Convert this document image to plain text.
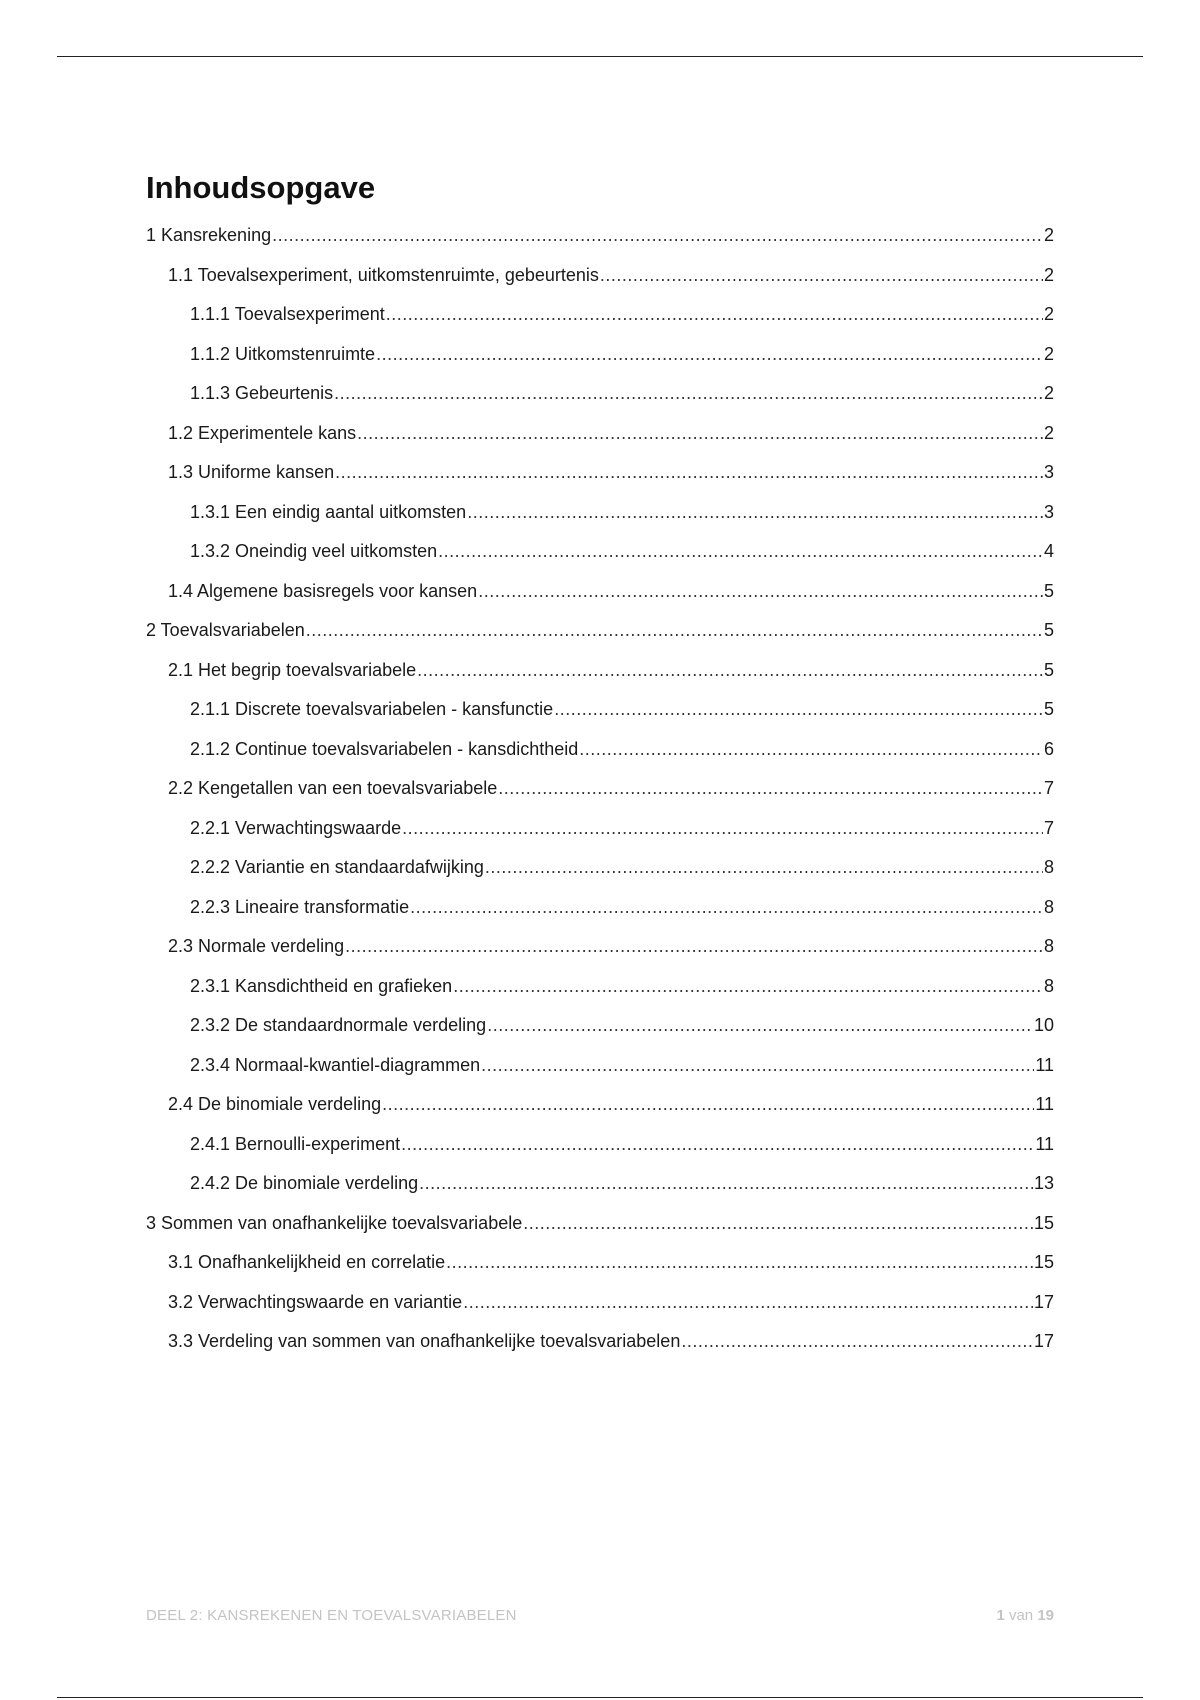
Inhoudsopgave
1 Kansrekening .....	2
1.1 Toevalsexperiment, uitkomstenruimte, gebeurtenis .....	2
1.1.1 Toevalsexperiment .....	2
1.1.2 Uitkomstenruimte .....	2
1.1.3 Gebeurtenis .....	2
1.2 Experimentele kans .....	2
1.3 Uniforme kansen .....	3
1.3.1 Een eindig aantal uitkomsten .....	3
1.3.2 Oneindig veel uitkomsten .....	4
1.4 Algemene basisregels voor kansen .....	5
2 Toevalsvariabelen .....	5
2.1 Het begrip toevalsvariabele .....	5
2.1.1 Discrete toevalsvariabelen - kansfunctie .....	5
2.1.2 Continue toevalsvariabelen - kansdichtheid .....	6
2.2 Kengetallen van een toevalsvariabele .....	7
2.2.1 Verwachtingswaarde .....	7
2.2.2 Variantie en standaardafwijking .....	8
2.2.3 Lineaire transformatie .....	8
2.3 Normale verdeling .....	8
2.3.1 Kansdichtheid en grafieken .....	8
2.3.2 De standaardnormale verdeling .....	10
2.3.4 Normaal-kwantiel-diagrammen .....	11
2.4 De binomiale verdeling .....	11
2.4.1 Bernoulli-experiment .....	11
2.4.2 De binomiale verdeling .....	13
3 Sommen van onafhankelijke toevalsvariabele .....	15
3.1 Onafhankelijkheid en correlatie .....	15
3.2 Verwachtingswaarde en variantie .....	17
3.3 Verdeling van sommen van onafhankelijke toevalsvariabelen .....	17
DEEL 2: KANSREKENEN EN TOEVALSVARIABELEN	1 van 19
